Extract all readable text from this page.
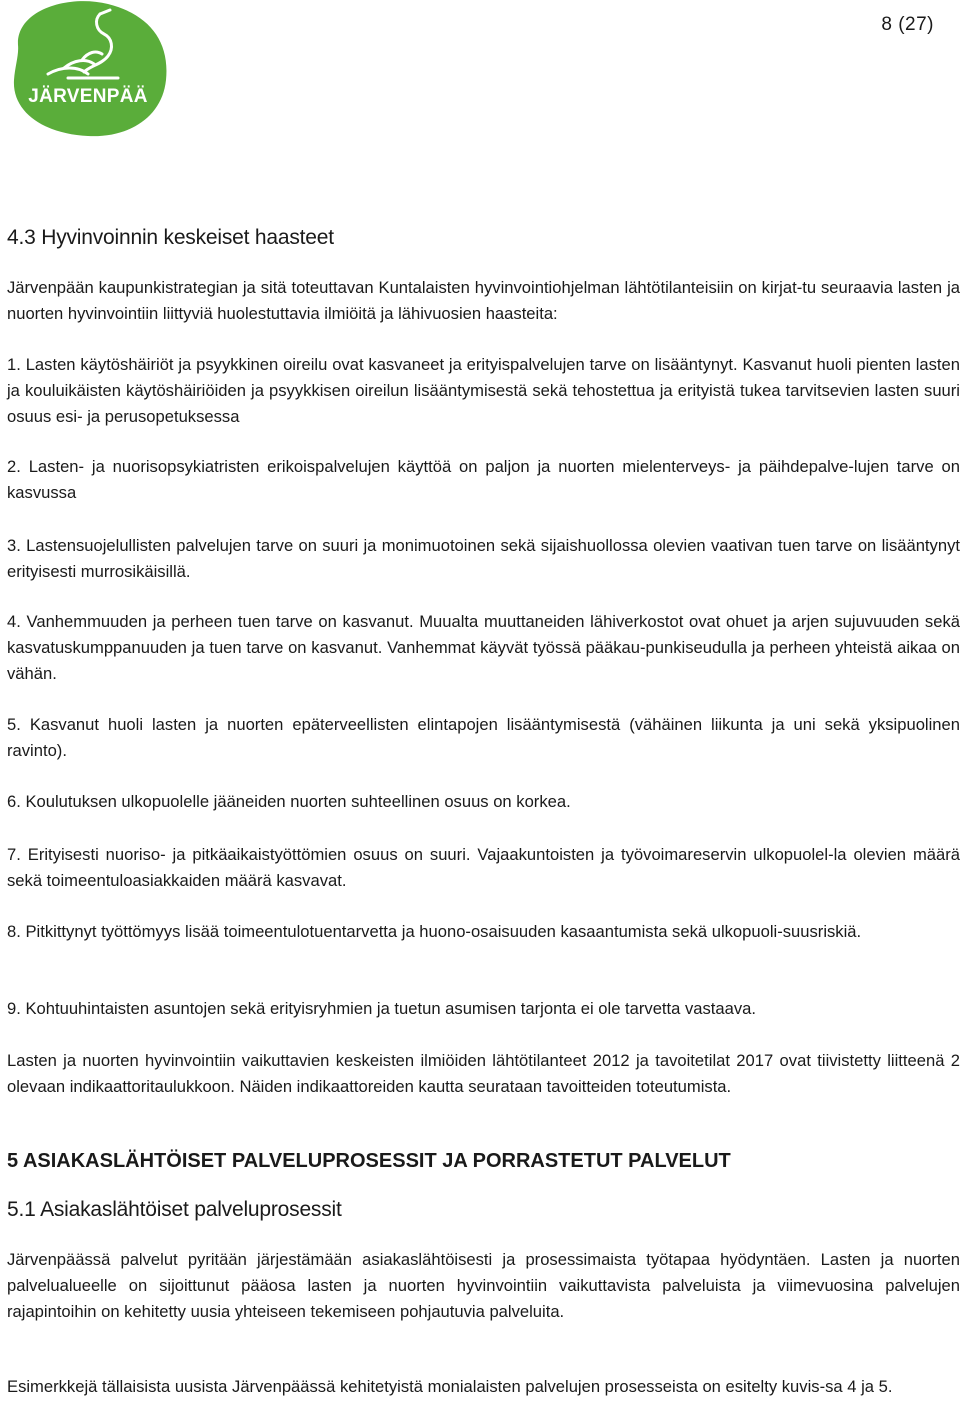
8 (27)
JÄRVENPÄÄ
4.3 Hyvinvoinnin keskeiset haasteet
Järvenpään kaupunkistrategian ja sitä toteuttavan Kuntalaisten hyvinvointiohjelman lähtötilanteisiin on kirjat-tu seuraavia lasten ja nuorten hyvinvointiin liittyviä huolestuttavia ilmiöitä ja lähivuosien haasteita:
1. Lasten käytöshäiriöt ja psyykkinen oireilu ovat kasvaneet ja erityispalvelujen tarve on lisääntynyt. Kasvanut huoli pienten lasten ja kouluikäisten käytöshäiriöiden ja psyykkisen oireilun lisääntymisestä sekä tehostettua ja erityistä tukea tarvitsevien lasten suuri osuus esi- ja perusopetuksessa
2. Lasten- ja nuorisopsykiatristen erikoispalvelujen käyttöä on paljon ja nuorten mielenterveys- ja päihdepalve-lujen tarve on kasvussa
3. Lastensuojelullisten palvelujen tarve on suuri ja monimuotoinen sekä sijaishuollossa olevien vaativan tuen tarve on lisääntynyt erityisesti murrosikäisillä.
4. Vanhemmuuden ja perheen tuen tarve on kasvanut. Muualta muuttaneiden lähiverkostot ovat ohuet ja arjen sujuvuuden sekä kasvatuskumppanuuden ja tuen tarve on kasvanut. Vanhemmat käyvät työssä pääkau-punkiseudulla ja perheen yhteistä aikaa on vähän.
5. Kasvanut huoli lasten ja nuorten epäterveellisten elintapojen lisääntymisestä (vähäinen liikunta ja uni sekä yksipuolinen ravinto).
6. Koulutuksen ulkopuolelle jääneiden nuorten suhteellinen osuus on korkea.
7. Erityisesti nuoriso- ja pitkäaikaistyöttömien osuus on suuri. Vajaakuntoisten ja työvoimareservin ulkopuolel-la olevien määrä sekä toimeentuloasiakkaiden määrä kasvavat.
8. Pitkittynyt työttömyys lisää toimeentulotuentarvetta ja huono-osaisuuden kasaantumista sekä ulkopuoli-suusriskiä.
9. Kohtuuhintaisten asuntojen sekä erityisryhmien ja tuetun asumisen tarjonta ei ole tarvetta vastaava.
Lasten ja nuorten hyvinvointiin vaikuttavien keskeisten ilmiöiden lähtötilanteet 2012 ja tavoitetilat 2017 ovat tiivistetty liitteenä 2 olevaan indikaattoritaulukkoon. Näiden indikaattoreiden kautta seurataan tavoitteiden toteutumista.
5 ASIAKASLÄHTÖISET PALVELUPROSESSIT JA PORRASTETUT PALVELUT
5.1 Asiakaslähtöiset palveluprosessit
Järvenpäässä palvelut pyritään järjestämään asiakaslähtöisesti ja prosessimaista työtapaa hyödyntäen. Lasten ja nuorten palvelualueelle on sijoittunut pääosa lasten ja nuorten hyvinvointiin vaikuttavista palveluista ja viimevuosina palvelujen rajapintoihin on kehitetty uusia yhteiseen tekemiseen pohjautuvia palveluita.
Esimerkkejä tällaisista uusista Järvenpäässä kehitetyistä monialaisten palvelujen prosesseista on esitelty kuvis-sa 4 ja 5.
